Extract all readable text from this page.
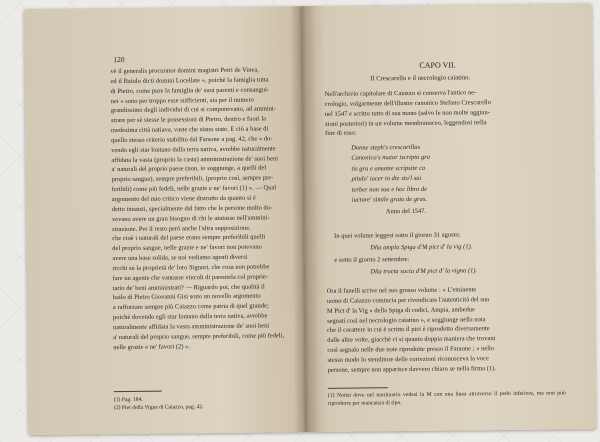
120
vè il generalis procurator domini magistri Petri de Vinea,
ed il Baiulo dicti domini Locellate », poichè la famiglia tutta
di Pietro, come pure la famiglia de' suoi parenti e consangui-
nei « sono per troppo esse sufficienti, sia per il numero
grandissimo degli individui di cui si componevano, ad ammini-
strare per sè stesse le possessioni di Pietro, dentro e fuori la
medesima città natiava, vaste che siano state. E ciò a base di
quello stesso criterio stabilito dal Farsone a pag. 42, che « do-
vendo egli star lontano dalla terra nativa, avrebbe naturalmente
affidata la vasta (proprio la casta) amministrazione de' suoi beni
a' naturali del proprio paese (non, io soggiunge, a quelli del
proprio sangue), sempre preferibili, (proprio così, sempre pre-
feribili) come più fedeli, nelle grazie e ne' favori (1) ». — Qual
argomento del mio critico viene distrutto da quanto si è
detto innanzi, specialmente dal fatto che le persone molto do-
vevano avere un gran bisogno di chi le aiutasse nell'ammini-
strazione. Per il resto però anche l'altra supposizione,
che cioè i naturali del paese erano sempre preferibili quelli
del proprio sangue, nelle grazie e ne' favori non potevano
avere una base solida, se noi vediamo agenti diversi
ricchi su la proprietà de' loro Signori, che cosa non potrebbe
fare un agente che vantasse vincoli di parentela col proprie-
tario de' beni amministrati? — Riguardo poi, che qualità il
bailo di Pietro Giovanni Gisi sono un novello argomento
a rafforzare sempre più Caiazzo come patria di quel grande;
poichè dovendo egli star lontano dalla terra nativa, avrebbe
naturalmente affidata la vasta amministrazione de' suoi beni
a' naturali del proprio sangue, sempre preferibili, come più fedeli,
nelle grazie e ne' favori (2) ».

(1) Pag. 184.
(2) Pier della Vigna di Caiazzo, pag. 42.
CAPO VII.
Il Crescarello e il necrologio caiatino.
Nell'archivio capitolare di Caiazzo si conserva l'antico ne-
crologio, volgarmente dell'illustre canonico Stefano Crescarello
nel 1547 e scritto tutto di sua mano (salvo le non molte aggiun-
zioni posteriori) in un volume membranaceo, leggendosi nella
fine di esso:
Donne steph's crescarillus
Canonico's maior iscripta gra
tis gra e amante scripsite ca
pitulo' iacer in die sto'l sui
terber non sua e hoc libro de
iuctore' simile grato de gras.
Anno del 1547.
In quei volume leggesi sotto il giorno 31 agosto:
Dña ampla Spiga d'M pict d' la vig (1).
e sotto il giorno 2 settembre:
Dña trocta socia d'M pict d' la vigna (1).
Ora il fanelli scrive nel suo grosso volume : « L'eminente
uomo di Caiazzo comincia per rivendicare l'autenticità del suo
M Pict d' la Vig » della Spiga di codici, Ampia, ambedue
segnati così nel necrologio caiatino », e soggiunge nella nota
che il carattere in cui è scritto il pict è riprodotto diversamente
dalle altre volte, giacchè ci si quanto doppia maniera che trovani
così segnalo nelle due note riprodotte presso il Faraone ; « nello
stesso modo lo stenditore delle correzioni riconosceva la voce
persone, sempre non apparisce davvero chiaro se nella firma (1).
(1) Notisi dove nel morituario vedesi la M con una linea attraverso il pedo inferiore, ma non può riprodurre per mancanza di tipo.
